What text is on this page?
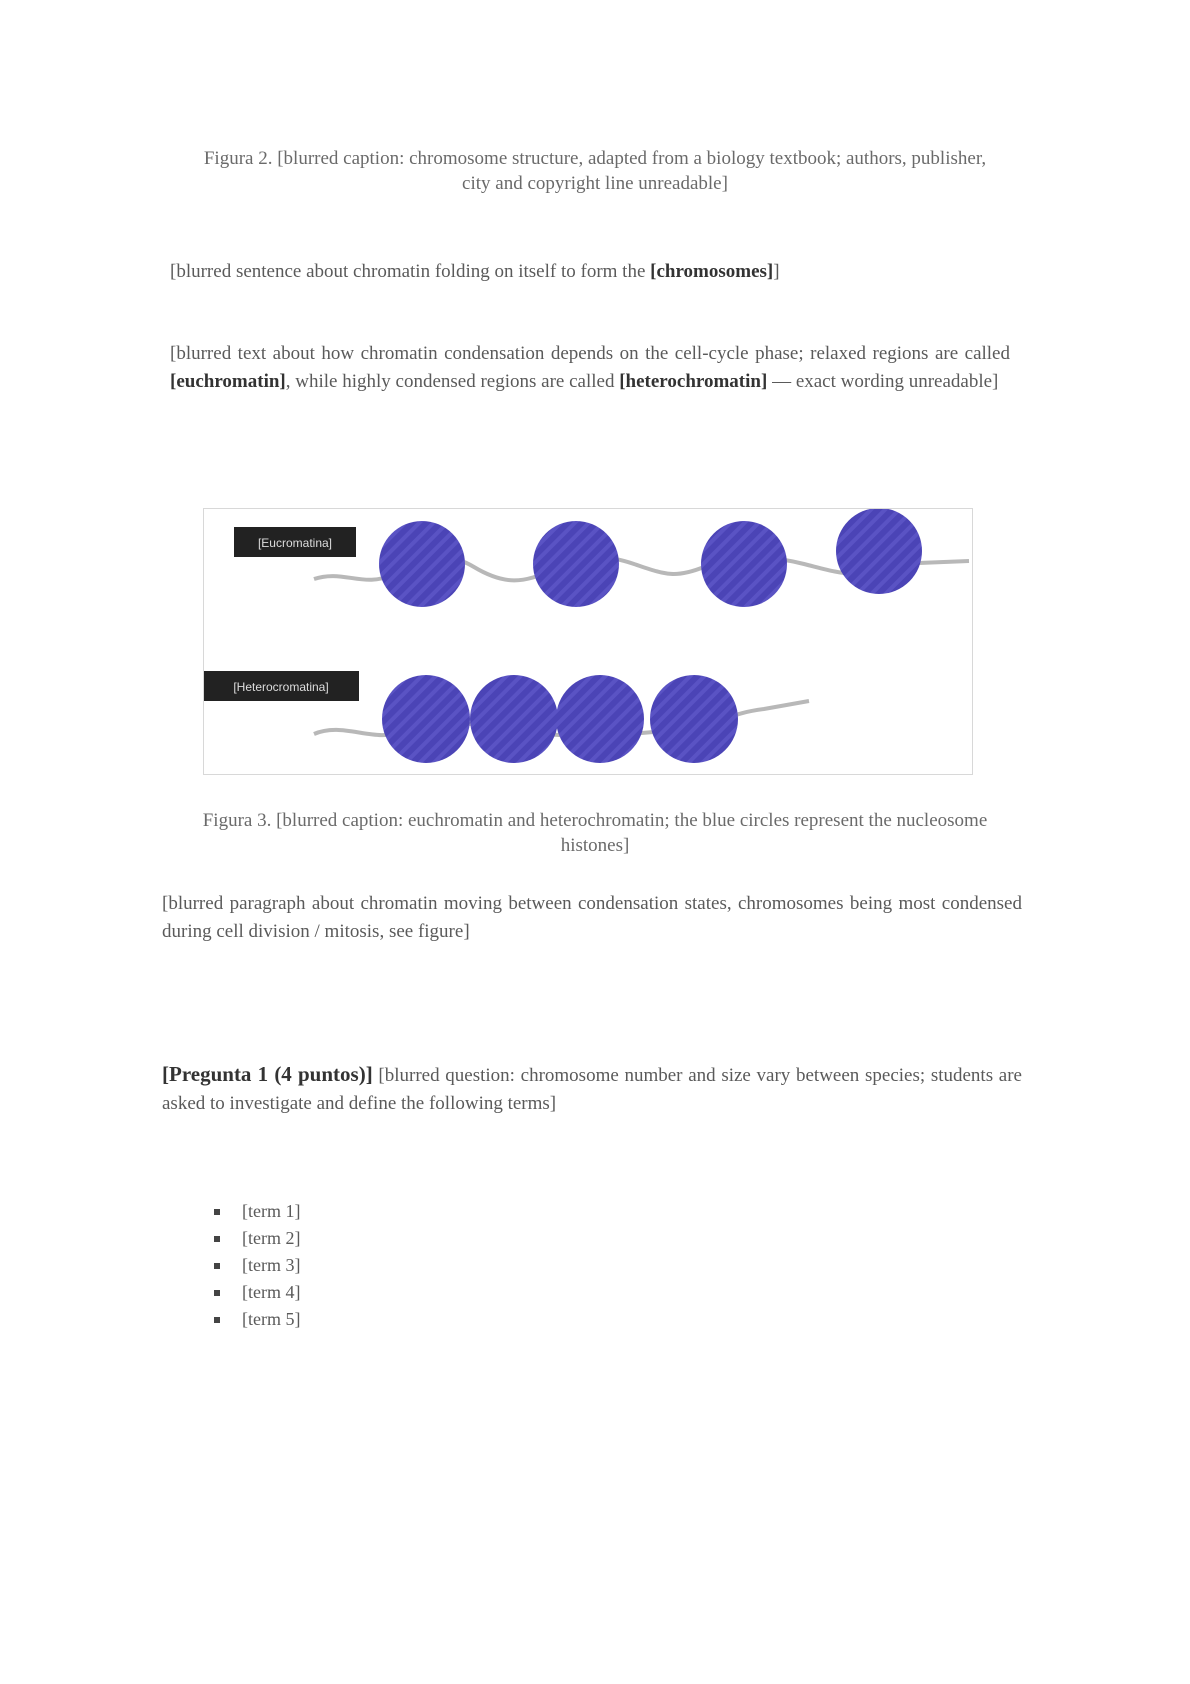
Figura 2. [blurred caption: chromosome structure, adapted from a biology textbook; authors, publisher, city and copyright line unreadable]
[blurred sentence about chromatin folding on itself to form the [chromosomes]]
[blurred text about how chromatin condensation depends on the cell-cycle phase; relaxed regions are called [euchromatin], while highly condensed regions are called [heterochromatin] — exact wording unreadable]
[Eucromatina]
[Heterocromatina]
Figura 3. [blurred caption: euchromatin and heterochromatin; the blue circles represent the nucleosome histones]
[blurred paragraph about chromatin moving between condensation states, chromosomes being most condensed during cell division / mitosis, see figure]
[Pregunta 1 (4 puntos)] [blurred question: chromosome number and size vary between species; students are asked to investigate and define the following terms]
[term 1]
[term 2]
[term 3]
[term 4]
[term 5]
